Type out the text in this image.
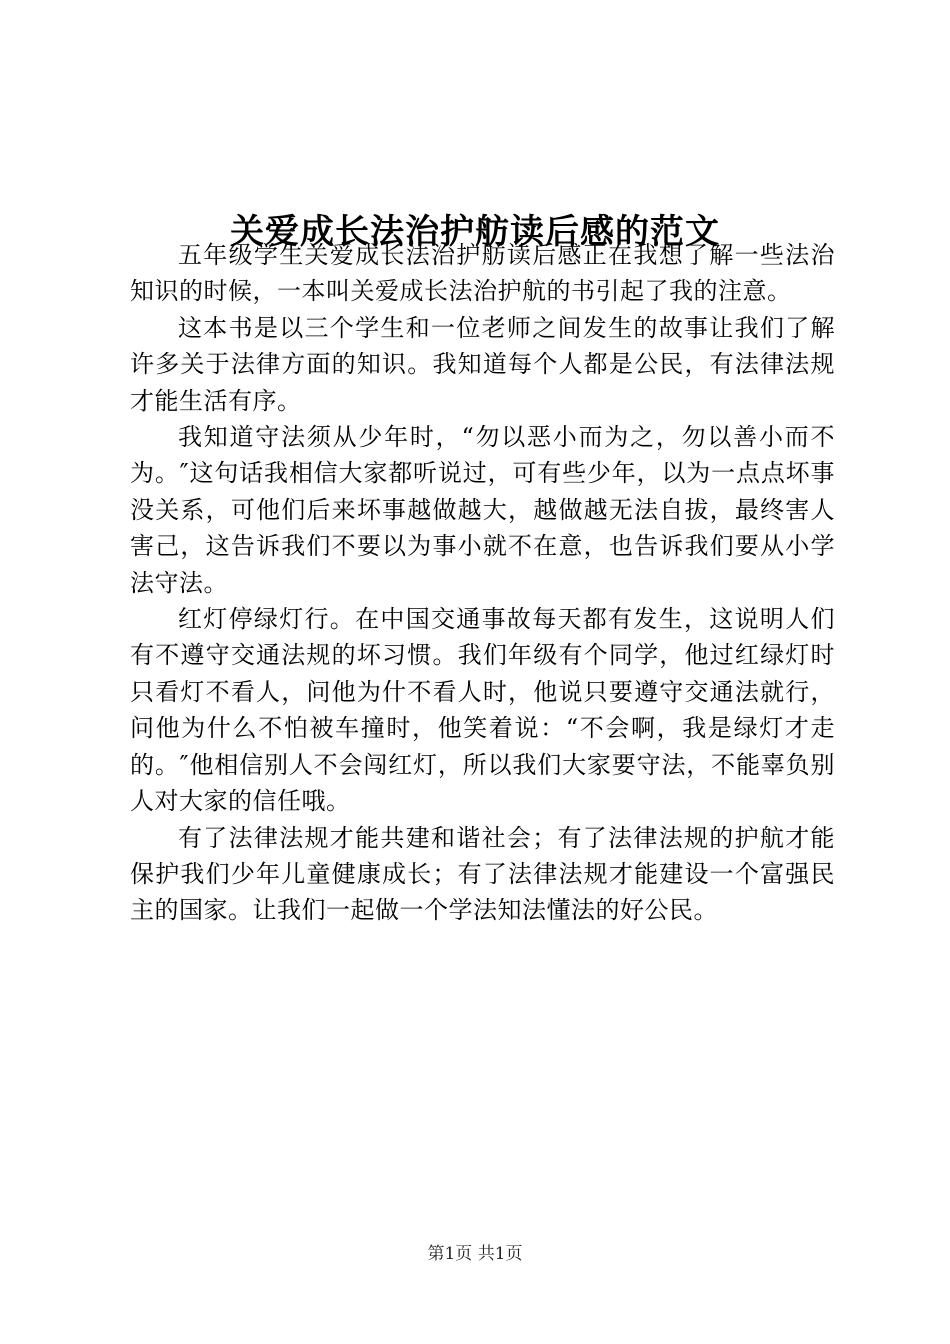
关爱成长法治护舫读后感的范文

五年级学生关爱成长法治护舫读后感正在我想了解一些法治知识的时候，一本叫关爱成长法治护航的书引起了我的注意。

这本书是以三个学生和一位老师之间发生的故事让我们了解许多关于法律方面的知识。我知道每个人都是公民，有法律法规才能生活有序。

我知道守法须从少年时，“勿以恶小而为之，勿以善小而不为。″这句话我相信大家都听说过，可有些少年，以为一点点坏事没关系，可他们后来坏事越做越大，越做越无法自拔，最终害人害己，这告诉我们不要以为事小就不在意，也告诉我们要从小学法守法。

红灯停绿灯行。在中国交通事故每天都有发生，这说明人们有不遵守交通法规的坏习惯。我们年级有个同学，他过红绿灯时只看灯不看人，问他为什不看人时，他说只要遵守交通法就行，问他为什么不怕被车撞时，他笑着说：“不会啊，我是绿灯才走的。″他相信别人不会闯红灯，所以我们大家要守法，不能辜负别人对大家的信任哦。

有了法律法规才能共建和谐社会；有了法律法规的护航才能保护我们少年儿童健康成长；有了法律法规才能建设一个富强民主的国家。让我们一起做一个学法知法懂法的好公民。

第1页 共1页
